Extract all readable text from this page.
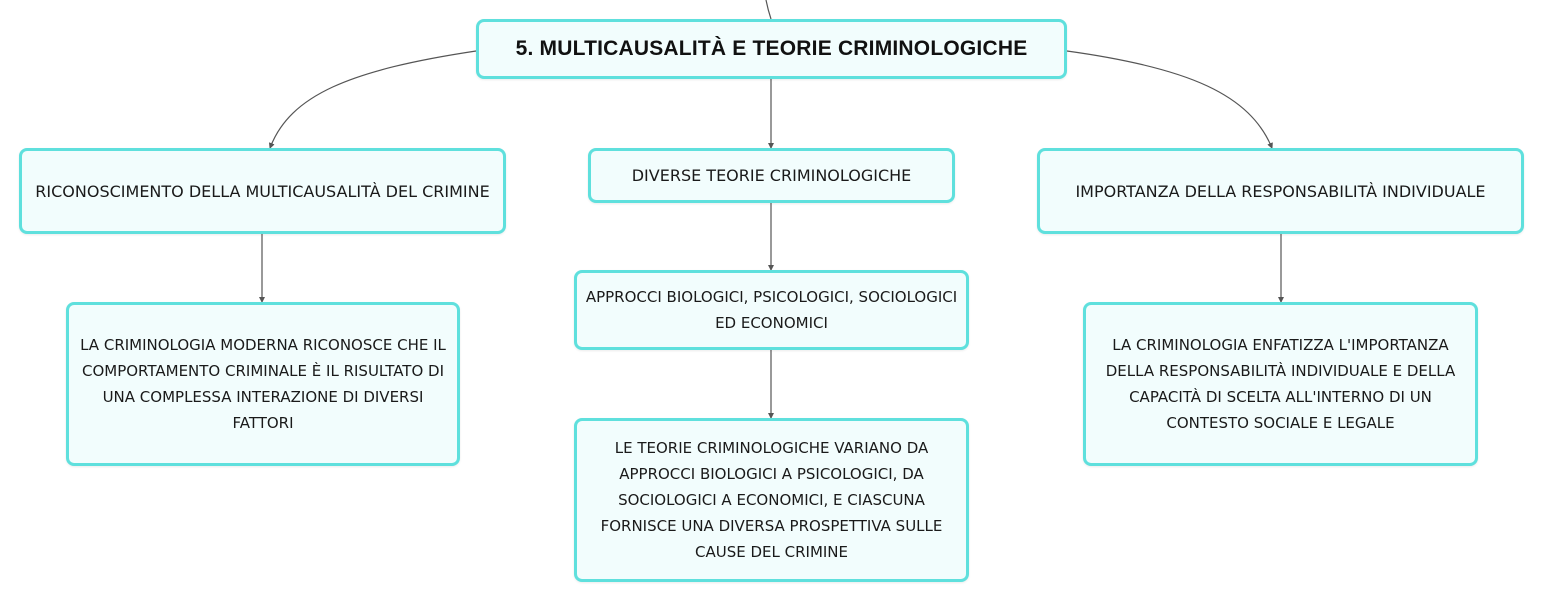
5. MULTICAUSALITÀ E TEORIE CRIMINOLOGICHE
RICONOSCIMENTO DELLA MULTICAUSALITÀ DEL CRIMINE
DIVERSE TEORIE CRIMINOLOGICHE
IMPORTANZA DELLA RESPONSABILITÀ INDIVIDUALE
LA CRIMINOLOGIA MODERNA RICONOSCE CHE IL COMPORTAMENTO CRIMINALE È IL RISULTATO DI UNA COMPLESSA INTERAZIONE DI DIVERSI FATTORI
APPROCCI BIOLOGICI, PSICOLOGICI, SOCIOLOGICI ED ECONOMICI
LE TEORIE CRIMINOLOGICHE VARIANO DA APPROCCI BIOLOGICI A PSICOLOGICI, DA SOCIOLOGICI A ECONOMICI, E CIASCUNA FORNISCE UNA DIVERSA PROSPETTIVA SULLE CAUSE DEL CRIMINE
LA CRIMINOLOGIA ENFATIZZA L'IMPORTANZA DELLA RESPONSABILITÀ INDIVIDUALE E DELLA CAPACITÀ DI SCELTA ALL'INTERNO DI UN CONTESTO SOCIALE E LEGALE
